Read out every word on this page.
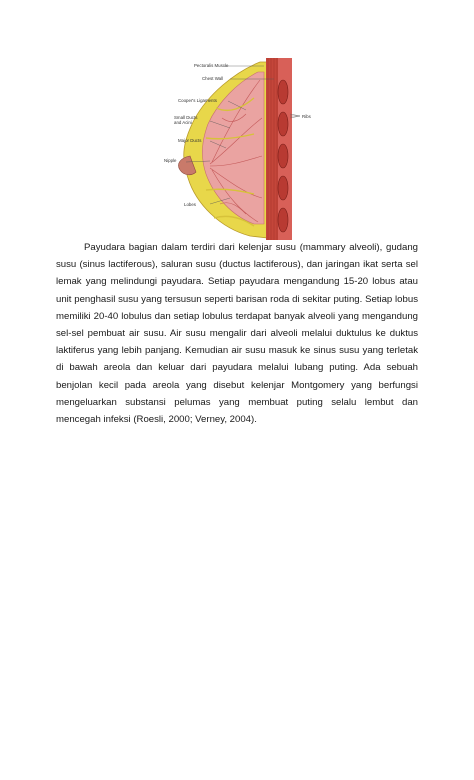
Pectoralis Muscle
Chest Wall
Cooper's Ligaments
Small Ducts
and Acini
Major Ducts
Nipple
Lobes
Ribs

Payudara bagian dalam terdiri dari kelenjar susu (mammary alveoli), gudang susu (sinus lactiferous), saluran susu (ductus lactiferous), dan jaringan ikat serta sel lemak yang melindungi payudara. Setiap payudara mengandung 15-20 lobus atau unit penghasil susu yang tersusun seperti barisan roda di sekitar puting. Setiap lobus memiliki 20-40 lobulus dan setiap lobulus terdapat banyak alveoli yang mengandung sel-sel pembuat air susu. Air susu mengalir dari alveoli melalui duktulus ke duktus laktiferus yang lebih panjang. Kemudian air susu masuk ke sinus susu yang terletak di bawah areola dan keluar dari payudara melalui lubang puting. Ada sebuah benjolan kecil pada areola yang disebut kelenjar Montgomery yang berfungsi mengeluarkan substansi pelumas yang membuat puting selalu lembut dan mencegah infeksi (Roesli, 2000; Verney, 2004).
